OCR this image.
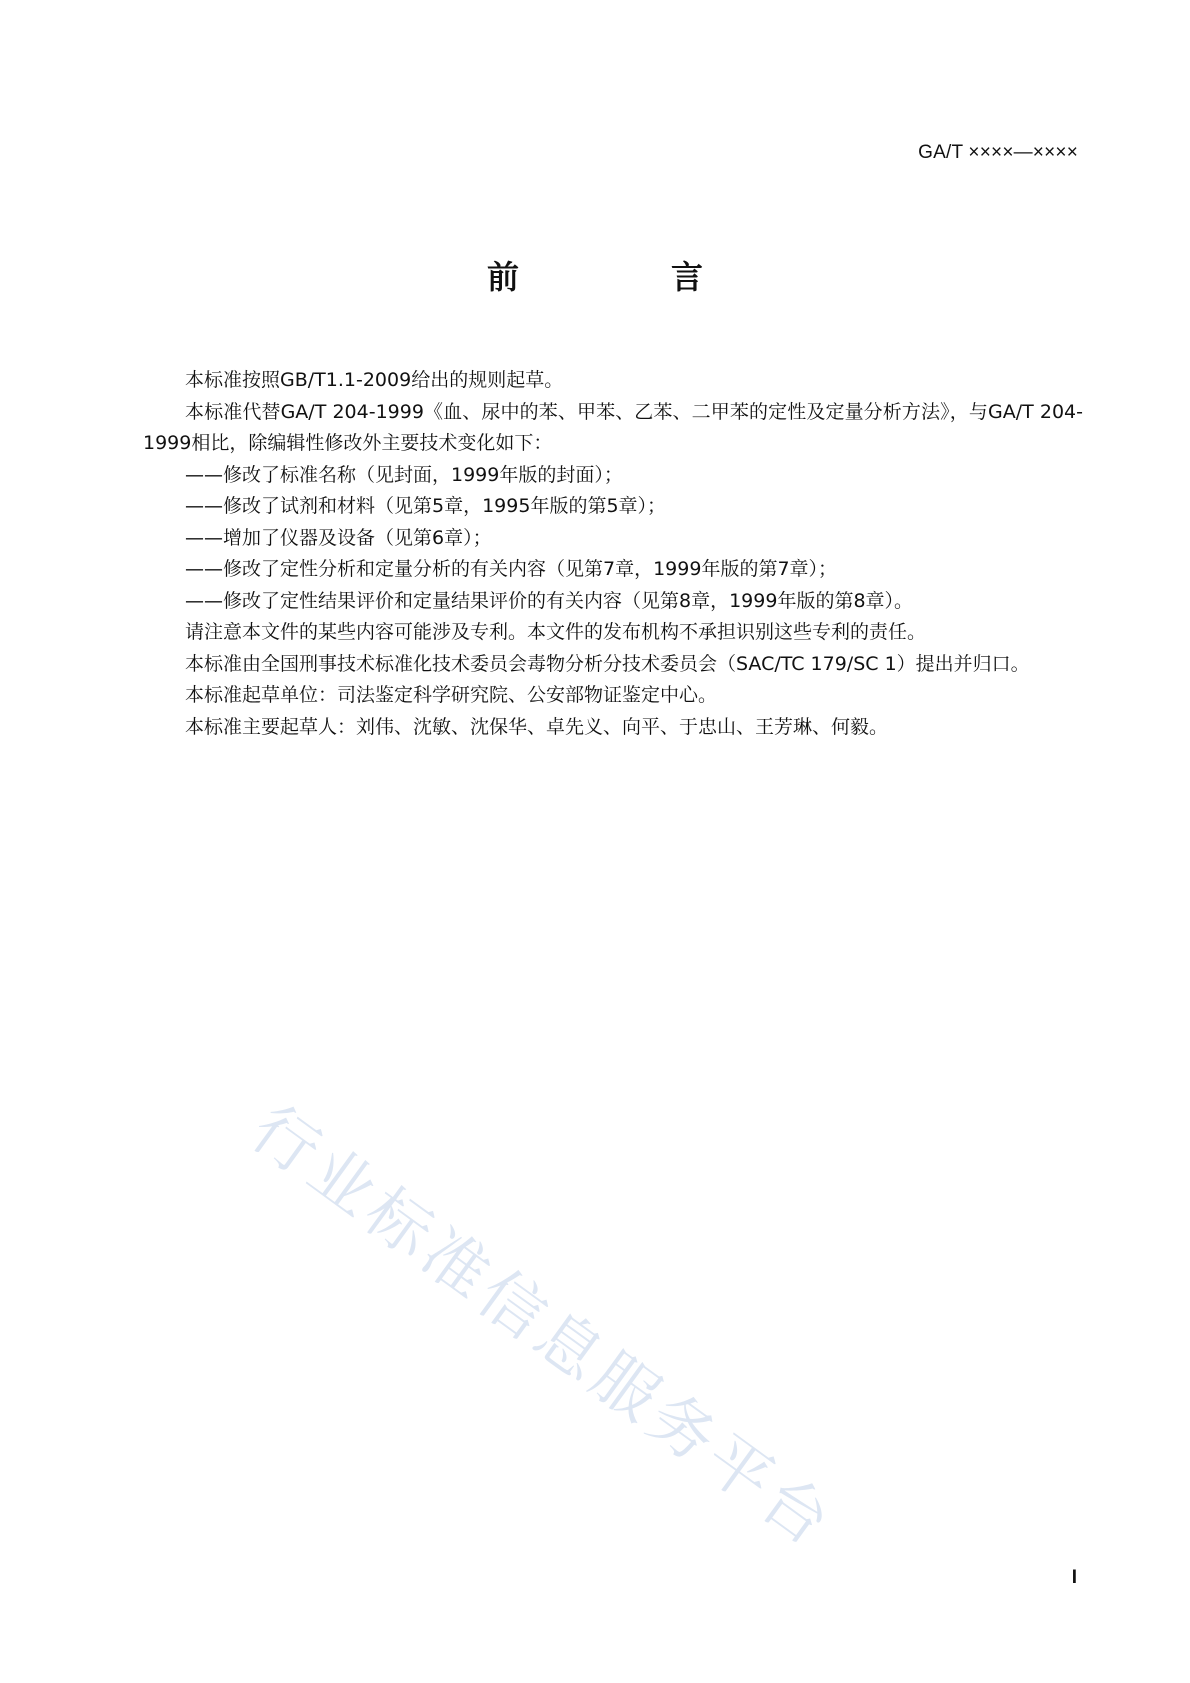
GA/T ××××—××××
前　言

本标准按照GB/T1.1-2009给出的规则起草。

本标准代替GA/T 204-1999《血、尿中的苯、甲苯、乙苯、二甲苯的定性及定量分析方法》，与GA/T 204-1999相比，除编辑性修改外主要技术变化如下：

——修改了标准名称（见封面，1999年版的封面）；

——修改了试剂和材料（见第5章，1995年版的第5章）；

——增加了仪器及设备（见第6章）；

——修改了定性分析和定量分析的有关内容（见第7章，1999年版的第7章）；

——修改了定性结果评价和定量结果评价的有关内容（见第8章，1999年版的第8章）。

请注意本文件的某些内容可能涉及专利。本文件的发布机构不承担识别这些专利的责任。

本标准由全国刑事技术标准化技术委员会毒物分析分技术委员会（SAC/TC 179/SC 1）提出并归口。

本标准起草单位：司法鉴定科学研究院、公安部物证鉴定中心。

本标准主要起草人：刘伟、沈敏、沈保华、卓先义、向平、于忠山、王芳琳、何毅。

行业标准信息服务平台
I
